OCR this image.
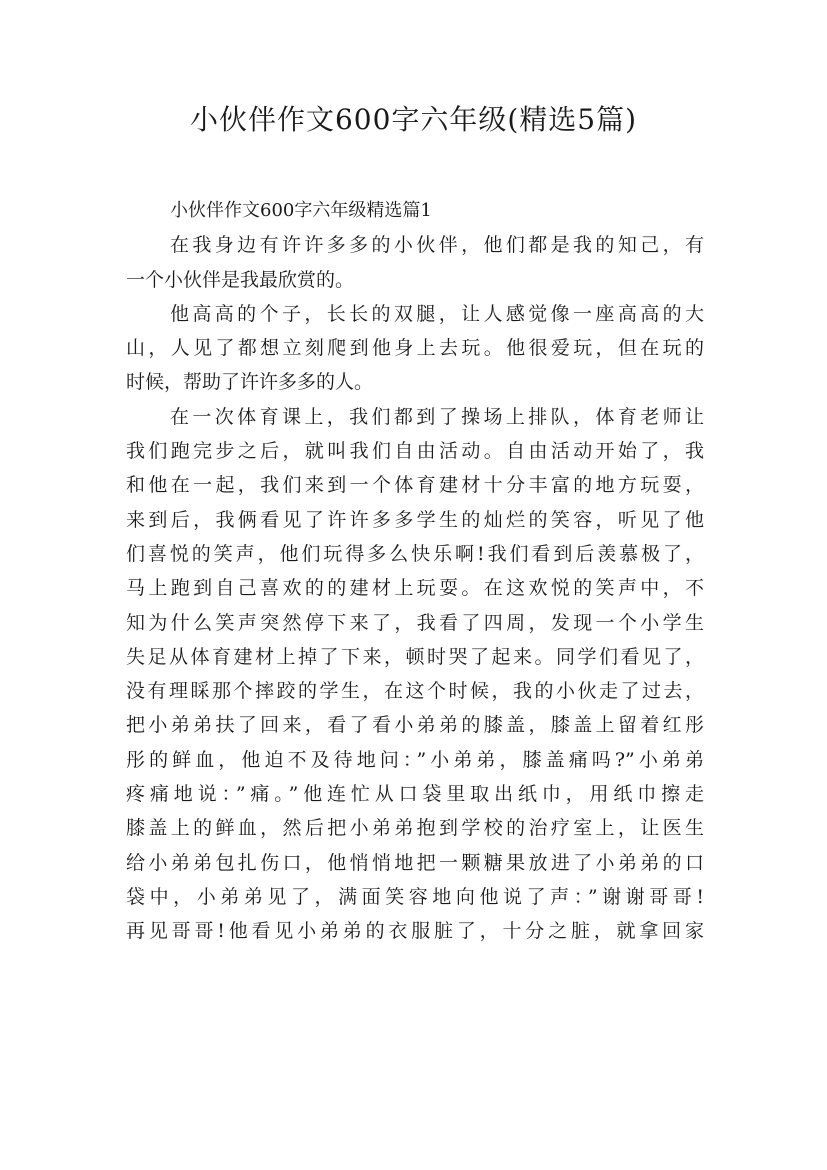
小伙伴作文600字六年级(精选5篇)
小伙伴作文600字六年级精选篇1
在我身边有许许多多的小伙伴，他们都是我的知己，有
一个小伙伴是我最欣赏的。
他高高的个子，长长的双腿，让人感觉像一座高高的大
山，人见了都想立刻爬到他身上去玩。他很爱玩，但在玩的
时候，帮助了许许多多的人。
在一次体育课上，我们都到了操场上排队，体育老师让
我们跑完步之后，就叫我们自由活动。自由活动开始了，我
和他在一起，我们来到一个体育建材十分丰富的地方玩耍，
来到后，我俩看见了许许多多学生的灿烂的笑容，听见了他
们喜悦的笑声，他们玩得多么快乐啊!我们看到后羡慕极了，
马上跑到自己喜欢的的建材上玩耍。在这欢悦的笑声中，不
知为什么笑声突然停下来了，我看了四周，发现一个小学生
失足从体育建材上掉了下来，顿时哭了起来。同学们看见了，
没有理睬那个摔跤的学生，在这个时候，我的小伙走了过去，
把小弟弟扶了回来，看了看小弟弟的膝盖，膝盖上留着红彤
彤的鲜血，他迫不及待地问：”小弟弟，膝盖痛吗?”小弟弟
疼痛地说：”痛。”他连忙从口袋里取出纸巾，用纸巾擦走
膝盖上的鲜血，然后把小弟弟抱到学校的治疗室上，让医生
给小弟弟包扎伤口，他悄悄地把一颗糖果放进了小弟弟的口
袋中，小弟弟见了，满面笑容地向他说了声：”谢谢哥哥!
再见哥哥!他看见小弟弟的衣服脏了，十分之脏，就拿回家
